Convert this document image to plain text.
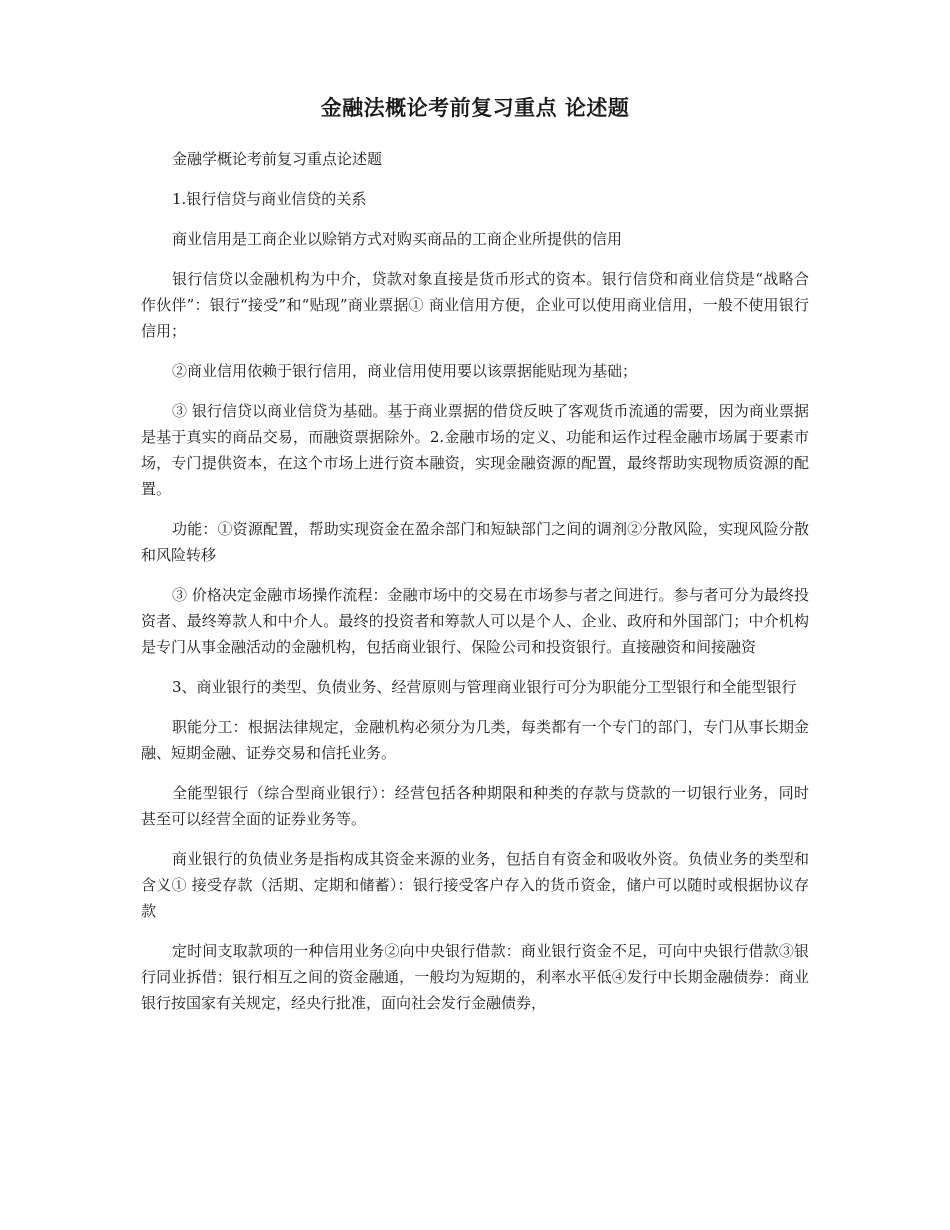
金融法概论考前复习重点 论述题

金融学概论考前复习重点论述题

1.银行信贷与商业信贷的关系

商业信用是工商企业以赊销方式对购买商品的工商企业所提供的信用

银行信贷以金融机构为中介，贷款对象直接是货币形式的资本。银行信贷和商业信贷是“战略合作伙伴”：银行“接受”和“贴现”商业票据① 商业信用方便，企业可以使用商业信用，一般不使用银行信用；

②商业信用依赖于银行信用，商业信用使用要以该票据能贴现为基础；

③ 银行信贷以商业信贷为基础。基于商业票据的借贷反映了客观货币流通的需要，因为商业票据是基于真实的商品交易，而融资票据除外。2.金融市场的定义、功能和运作过程金融市场属于要素市场，专门提供资本，在这个市场上进行资本融资，实现金融资源的配置，最终帮助实现物质资源的配置。

功能：①资源配置，帮助实现资金在盈余部门和短缺部门之间的调剂②分散风险，实现风险分散和风险转移

③ 价格决定金融市场操作流程：金融市场中的交易在市场参与者之间进行。参与者可分为最终投资者、最终筹款人和中介人。最终的投资者和筹款人可以是个人、企业、政府和外国部门；中介机构是专门从事金融活动的金融机构，包括商业银行、保险公司和投资银行。直接融资和间接融资

3、商业银行的类型、负债业务、经营原则与管理商业银行可分为职能分工型银行和全能型银行

职能分工：根据法律规定，金融机构必须分为几类，每类都有一个专门的部门，专门从事长期金融、短期金融、证券交易和信托业务。

全能型银行（综合型商业银行）：经营包括各种期限和种类的存款与贷款的一切银行业务，同时甚至可以经营全面的证券业务等。

商业银行的负债业务是指构成其资金来源的业务，包括自有资金和吸收外资。负债业务的类型和含义① 接受存款（活期、定期和储蓄）：银行接受客户存入的货币资金，储户可以随时或根据协议存款

定时间支取款项的一种信用业务②向中央银行借款：商业银行资金不足，可向中央银行借款③银行同业拆借：银行相互之间的资金融通，一般均为短期的，利率水平低④发行中长期金融债券：商业银行按国家有关规定，经央行批准，面向社会发行金融债券，
